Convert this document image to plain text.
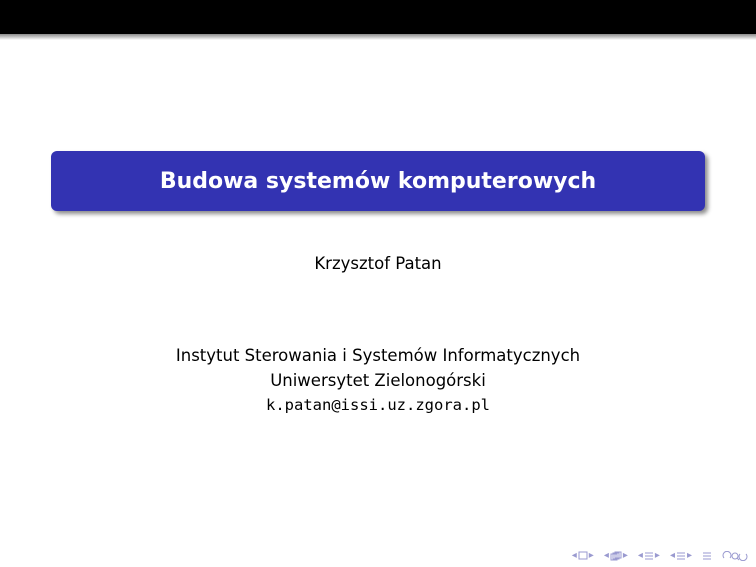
Budowa systemów komputerowych
Krzysztof Patan
Instytut Sterowania i Systemów Informatycznych
Uniwersytet Zielonogórski
k.patan@issi.uz.zgora.pl
◂ ▸ ◂ ▸ ◂ ▸ ◂ ▸
